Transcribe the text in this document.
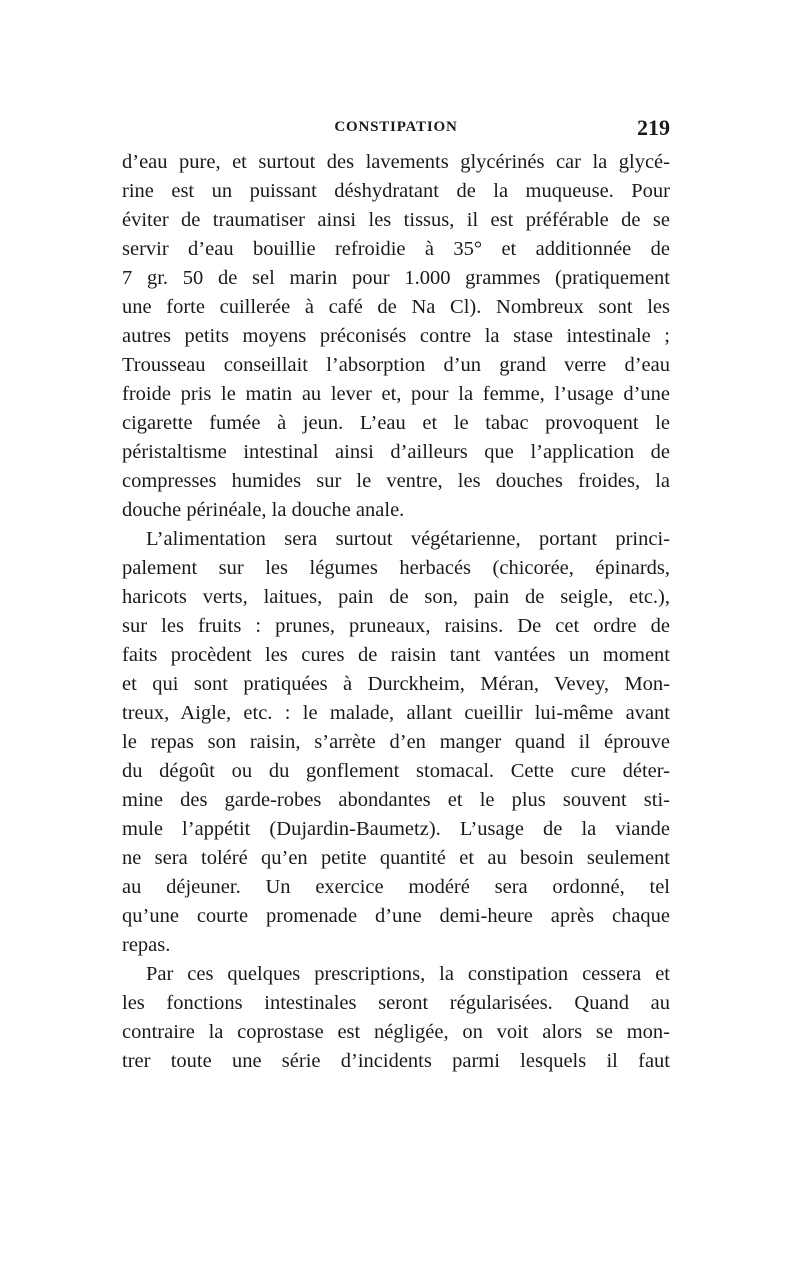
CONSTIPATION	219
d’eau pure, et surtout des lavements glycérinés car la glycé-
rine est un puissant déshydratant de la muqueuse. Pour
éviter de traumatiser ainsi les tissus, il est préférable de se
servir d’eau bouillie refroidie à 35° et additionnée de
7 gr. 50 de sel marin pour 1.000 grammes (pratiquement
une forte cuillerée à café de Na Cl). Nombreux sont les
autres petits moyens préconisés contre la stase intestinale ;
Trousseau conseillait l’absorption d’un grand verre d’eau
froide pris le matin au lever et, pour la femme, l’usage d’une
cigarette fumée à jeun. L’eau et le tabac provoquent le
péristaltisme intestinal ainsi d’ailleurs que l’application de
compresses humides sur le ventre, les douches froides, la
douche périnéale, la douche anale.
L’alimentation sera surtout végétarienne, portant princi-
palement sur les légumes herbacés (chicorée, épinards,
haricots verts, laitues, pain de son, pain de seigle, etc.),
sur les fruits : prunes, pruneaux, raisins. De cet ordre de
faits procèdent les cures de raisin tant vantées un moment
et qui sont pratiquées à Durckheim, Méran, Vevey, Mon-
treux, Aigle, etc. : le malade, allant cueillir lui-même avant
le repas son raisin, s’arrète d’en manger quand il éprouve
du dégoût ou du gonflement stomacal. Cette cure déter-
mine des garde-robes abondantes et le plus souvent sti-
mule l’appétit (Dujardin-Baumetz). L’usage de la viande
ne sera toléré qu’en petite quantité et au besoin seulement
au déjeuner. Un exercice modéré sera ordonné, tel
qu’une courte promenade d’une demi-heure après chaque
repas.
Par ces quelques prescriptions, la constipation cessera et
les fonctions intestinales seront régularisées. Quand au
contraire la coprostase est négligée, on voit alors se mon-
trer toute une série d’incidents parmi lesquels il faut
